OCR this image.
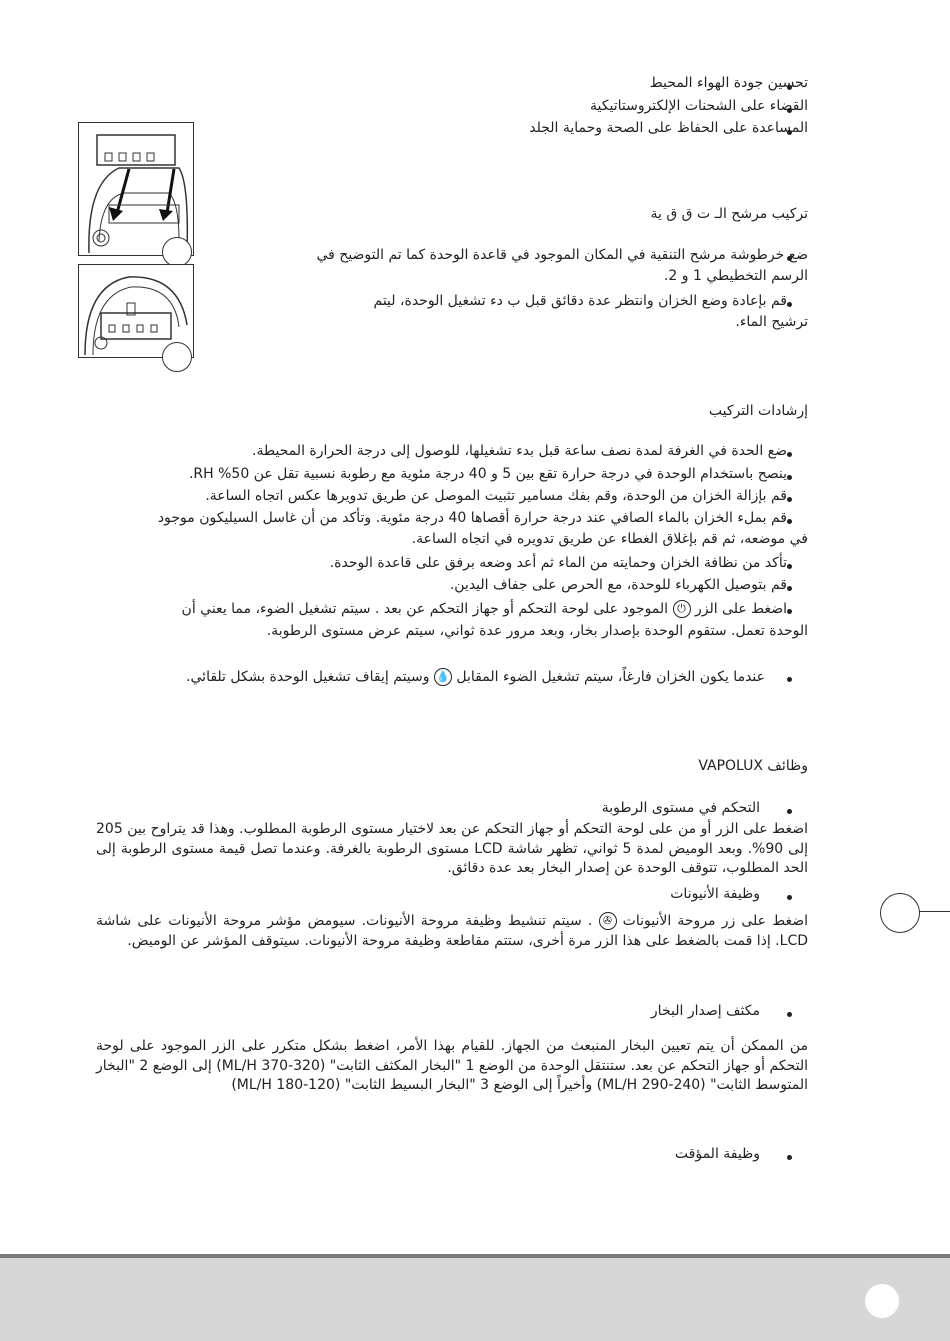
تحسين جودة الهواء المحيط
القضاء على الشحنات الإلكتروستاتيكية
المساعدة على الحفاظ على الصحة وحماية الجلد
تركيب مرشح الـ ت ق ق ية
ضع خرطوشة مرشح التنقية في المكان الموجود في قاعدة الوحدة كما تم التوضيح في
الرسم التخطيطي 1 و 2.
قم بإعادة وضع الخزان وانتظر عدة دقائق قبل ب دء تشغيل الوحدة، ليتم
ترشيح الماء.
إرشادات التركيب
ضع الحدة في الغرفة لمدة نصف ساعة قبل بدء تشغيلها، للوصول إلى درجة الحرارة المحيطة.
ينصح باستخدام الوحدة في درجة حرارة تقع بين 5 و 40 درجة مئوية مع رطوبة نسبية تقل عن 50% RH.
قم بإزالة الخزان من الوحدة، وقم بفك مسامير تثبيت الموصل عن طريق تدويرها عكس اتجاه الساعة.
قم بملء الخزان بالماء الصافي عند درجة حرارة أقصاها 40 درجة مئوية. وتأكد من أن غاسل السيليكون موجود
في موضعه، ثم قم بإغلاق الغطاء عن طريق تدويره في اتجاه الساعة.
تأكد من نظافة الخزان وحمايته من الماء ثم أعد وضعه برفق على قاعدة الوحدة.
قم بتوصيل الكهرباء للوحدة، مع الحرص على جفاف اليدين.
اضغط على الزر ⏻ الموجود على لوحة التحكم أو جهاز التحكم عن بعد . سيتم تشغيل الضوء، مما يعني أن
الوحدة تعمل. ستقوم الوحدة بإصدار بخار، وبعد مرور عدة ثواني، سيتم عرض مستوى الرطوبة.
عندما يكون الخزان فارغاً، سيتم تشغيل الضوء المقابل 💧 وسيتم إيقاف تشغيل الوحدة بشكل تلقائي.
وظائف VAPOLUX
التحكم في مستوى الرطوبة
اضغط على الزر أو من على لوحة التحكم أو جهاز التحكم عن بعد لاختيار مستوى الرطوبة المطلوب. وهذا قد يتراوح بين 205 إلى 90%. وبعد الوميض لمدة 5 ثواني، تظهر شاشة LCD مستوى الرطوبة بالغرفة. وعندما تصل قيمة مستوى الرطوبة إلى الحد المطلوب، تتوقف الوحدة عن إصدار البخار بعد عدة دقائق.
وظيفة الأنيونات
اضغط على زر مروحة الأنيونات ✇ . سيتم تنشيط وظيفة مروحة الأنيونات. سيومض مؤشر مروحة الأنيونات على شاشة LCD. إذا قمت بالضغط على هذا الزر مرة أخرى، ستتم مقاطعة وظيفة مروحة الأنيونات. سيتوقف المؤشر عن الوميض.
مكثف إصدار البخار
من الممكن أن يتم تعيين البخار المنبعث من الجهاز. للقيام بهذا الأمر، اضغط بشكل متكرر على الزر الموجود على لوحة التحكم أو جهاز التحكم عن بعد. ستنتقل الوحدة من الوضع 1 "البخار المكثف الثابت" (320-370 ML/H) إلى الوضع 2 "البخار المتوسط الثابت" (240-290 ML/H) وأخيراً إلى الوضع 3 "البخار البسيط الثابت" (120-180 ML/H)
وظيفة المؤقت
